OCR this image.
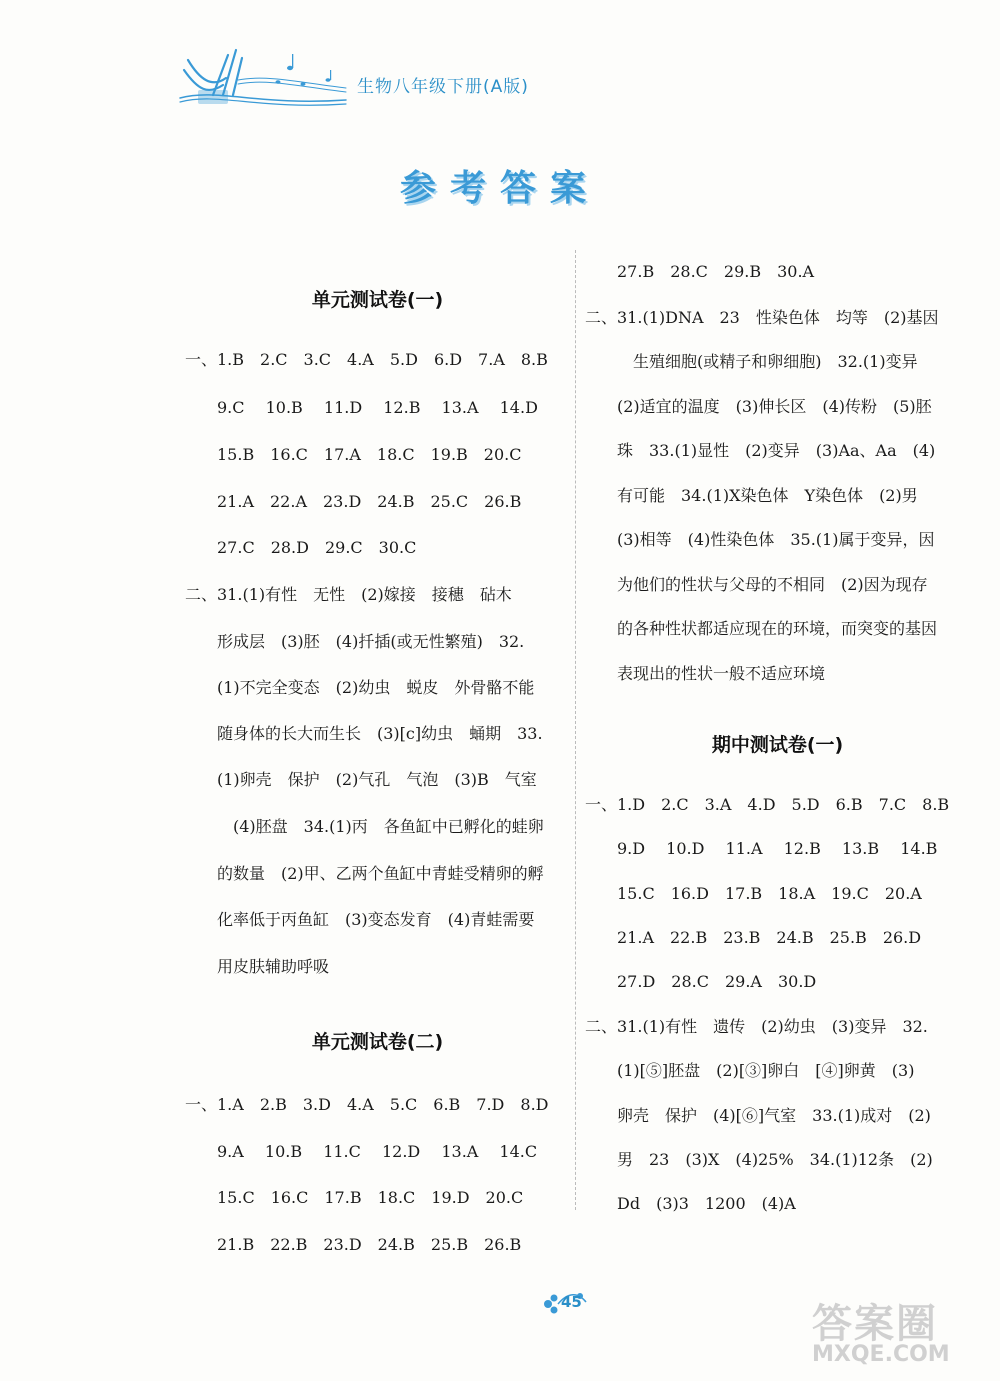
生物八年级下册(A版)
参考答案
单元测试卷(一)
一、1.B　2.C　3.C　4.A　5.D　6.D　7.A　8.B
9.C　 10.B　 11.D　 12.B　 13.A　 14.D
15.B　16.C　17.A　18.C　19.B　20.C
21.A　22.A　23.D　24.B　25.C　26.B
27.C　28.D　29.C　30.C
二、31.(1)有性　无性　(2)嫁接　接穗　砧木
形成层　(3)胚　(4)扦插(或无性繁殖)　32.
(1)不完全变态　(2)幼虫　蜕皮　外骨骼不能
随身体的长大而生长　(3)[c]幼虫　蛹期　33.
(1)卵壳　保护　(2)气孔　气泡　(3)B　气室
(4)胚盘　34.(1)丙　各鱼缸中已孵化的蛙卵
的数量　(2)甲、乙两个鱼缸中青蛙受精卵的孵
化率低于丙鱼缸　(3)变态发育　(4)青蛙需要
用皮肤辅助呼吸
单元测试卷(二)
一、1.A　2.B　3.D　4.A　5.C　6.B　7.D　8.D
9.A　 10.B　 11.C　 12.D　 13.A　 14.C
15.C　16.C　17.B　18.C　19.D　20.C
21.B　22.B　23.D　24.B　25.B　26.B
27.B　28.C　29.B　30.A
二、31.(1)DNA　23　性染色体　均等　(2)基因
生殖细胞(或精子和卵细胞)　32.(1)变异
(2)适宜的温度　(3)伸长区　(4)传粉　(5)胚
珠　33.(1)显性　(2)变异　(3)Aa、Aa　(4)
有可能　34.(1)X染色体　Y染色体　(2)男
(3)相等　(4)性染色体　35.(1)属于变异，因
为他们的性状与父母的不相同　(2)因为现存
的各种性状都适应现在的环境，而突变的基因
表现出的性状一般不适应环境
期中测试卷(一)
一、1.D　2.C　3.A　4.D　5.D　6.B　7.C　8.B
9.D　 10.D　 11.A　 12.B　 13.B　 14.B
15.C　16.D　17.B　18.A　19.C　20.A
21.A　22.B　23.B　24.B　25.B　26.D
27.D　28.C　29.A　30.D
二、31.(1)有性　遗传　(2)幼虫　(3)变异　32.
(1)[⑤]胚盘　(2)[③]卵白　[④]卵黄　(3)
卵壳　保护　(4)[⑥]气室　33.(1)成对　(2)
男　23　(3)X　(4)25%　34.(1)12条　(2)
Dd　(3)3　1200　(4)A
45	答案圈
MXQE.COM
